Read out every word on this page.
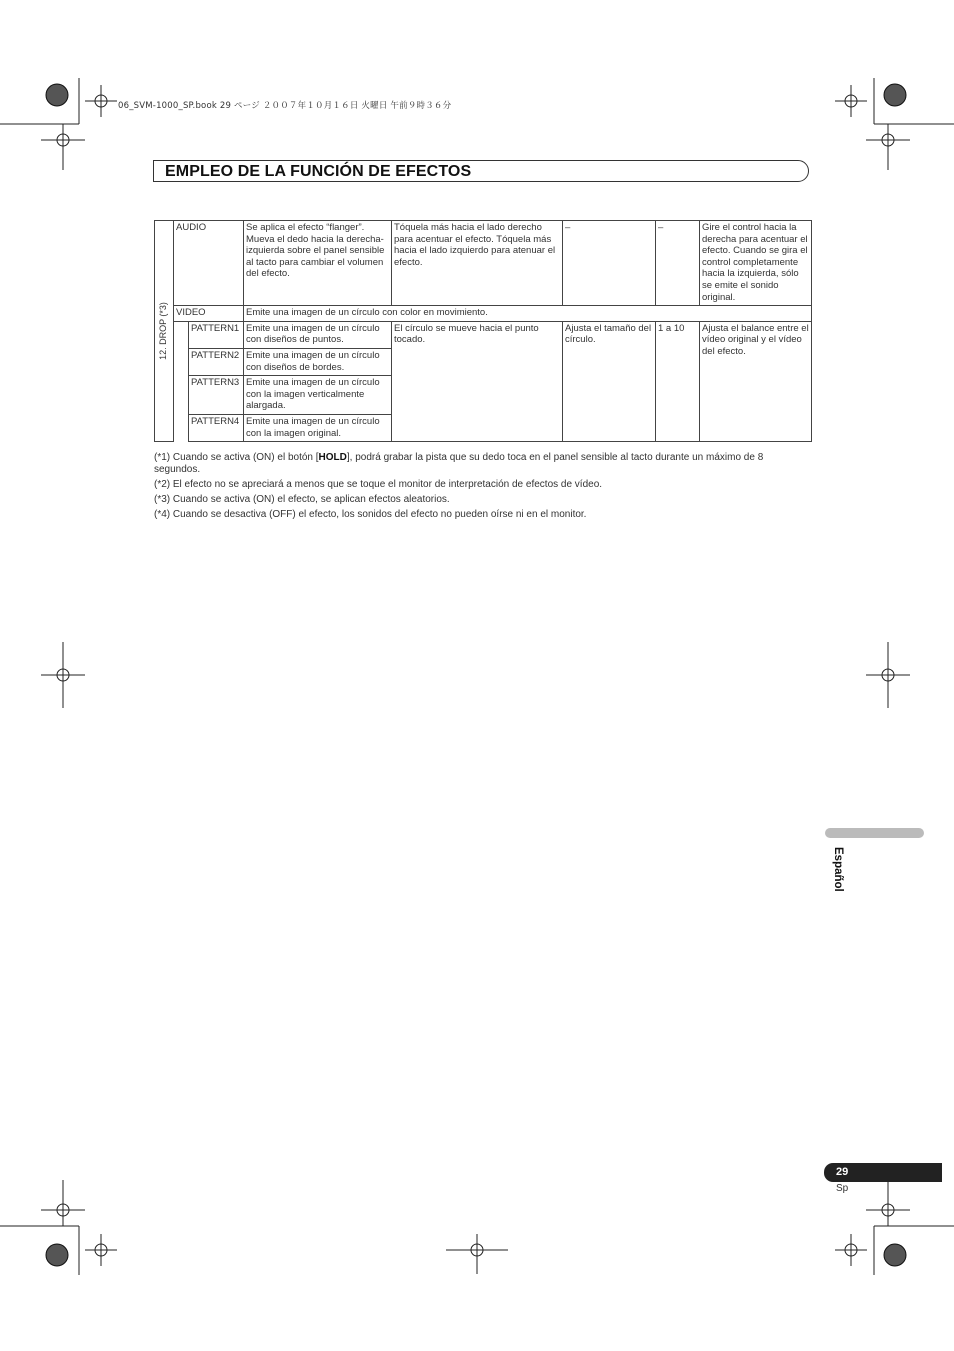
06_SVM-1000_SP.book 29 ページ ２００７年１０月１６日 火曜日 午前９時３６分
EMPLEO DE LA FUNCIÓN DE EFECTOS
12. DROP (*3)	AUDIO		Se aplica el efecto “flanger”. Mueva el dedo hacia la derecha-izquierda sobre el panel sensible al tacto para cambiar el volumen del efecto.	Tóquela más hacia el lado derecho para acentuar el efecto. Tóquela más hacia el lado izquierdo para atenuar el efecto.	–	–	Gire el control hacia la derecha para acentuar el efecto. Cuando se gira el control completamente hacia la izquierda, sólo se emite el sonido original.
	VIDEO		Emite una imagen de un círculo con color en movimiento.				
		PATTERN1	Emite una imagen de un círculo con diseños de puntos.	El círculo se mueve hacia el punto tocado.	Ajusta el tamaño del círculo.	1 a 10	Ajusta el balance entre el vídeo original y el vídeo del efecto.
		PATTERN2	Emite una imagen de un círculo con diseños de bordes.				
		PATTERN3	Emite una imagen de un círculo con la imagen verticalmente alargada.				
		PATTERN4	Emite una imagen de un círculo con la imagen original.				

(*1) Cuando se activa (ON) el botón [HOLD], podrá grabar la pista que su dedo toca en el panel sensible al tacto durante un máximo de 8 segundos.

(*2) El efecto no se apreciará a menos que se toque el monitor de interpretación de efectos de vídeo.

(*3) Cuando se activa (ON) el efecto, se aplican efectos aleatorios.

(*4) Cuando se desactiva (OFF) el efecto, los sonidos del efecto no pueden oírse ni en el monitor.

Español
29
Sp
